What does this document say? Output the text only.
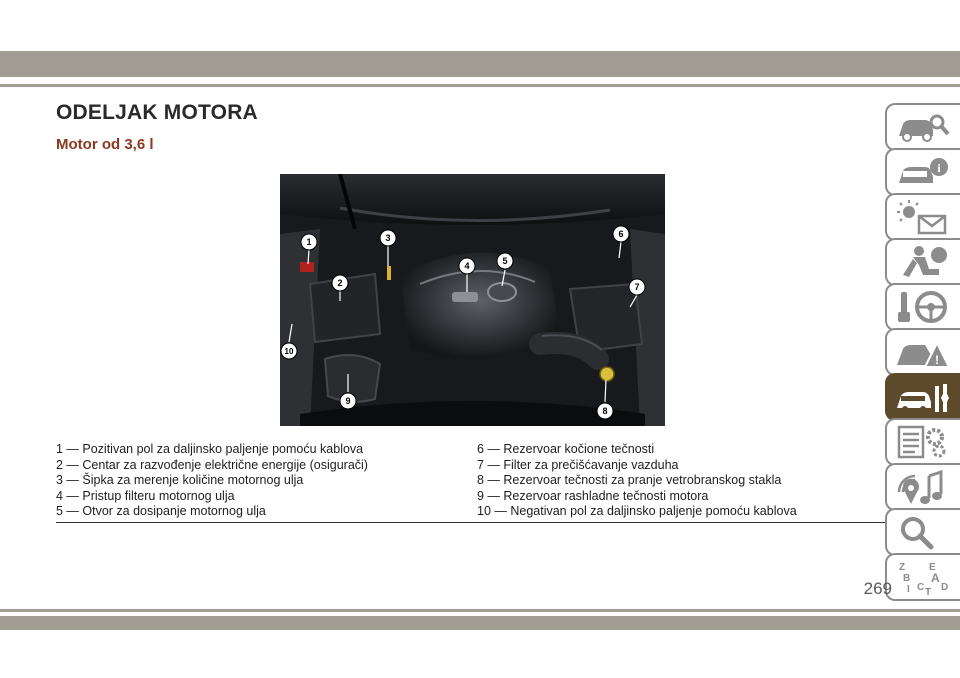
ODELJAK MOTORA
Motor od 3,6 l
1
2
3
4	5
6
7
8
9
10
1 — Pozitivan pol za daljinsko paljenje pomoću kablova
2 — Centar za razvođenje električne energije (osigurači)
3 — Šipka za merenje količine motornog ulja
4 — Pristup filteru motornog ulja
5 — Otvor za dosipanje motornog ulja
6 — Rezervoar kočione tečnosti
7 — Filter za prečišćavanje vazduha
8 — Rezervoar tečnosti za pranje vetrobranskog stakla
9 — Rezervoar rashladne tečnosti motora
10 — Negativan pol za daljinsko paljenje pomoću kablova
i
!
Z E
B A
I C D
T
269
